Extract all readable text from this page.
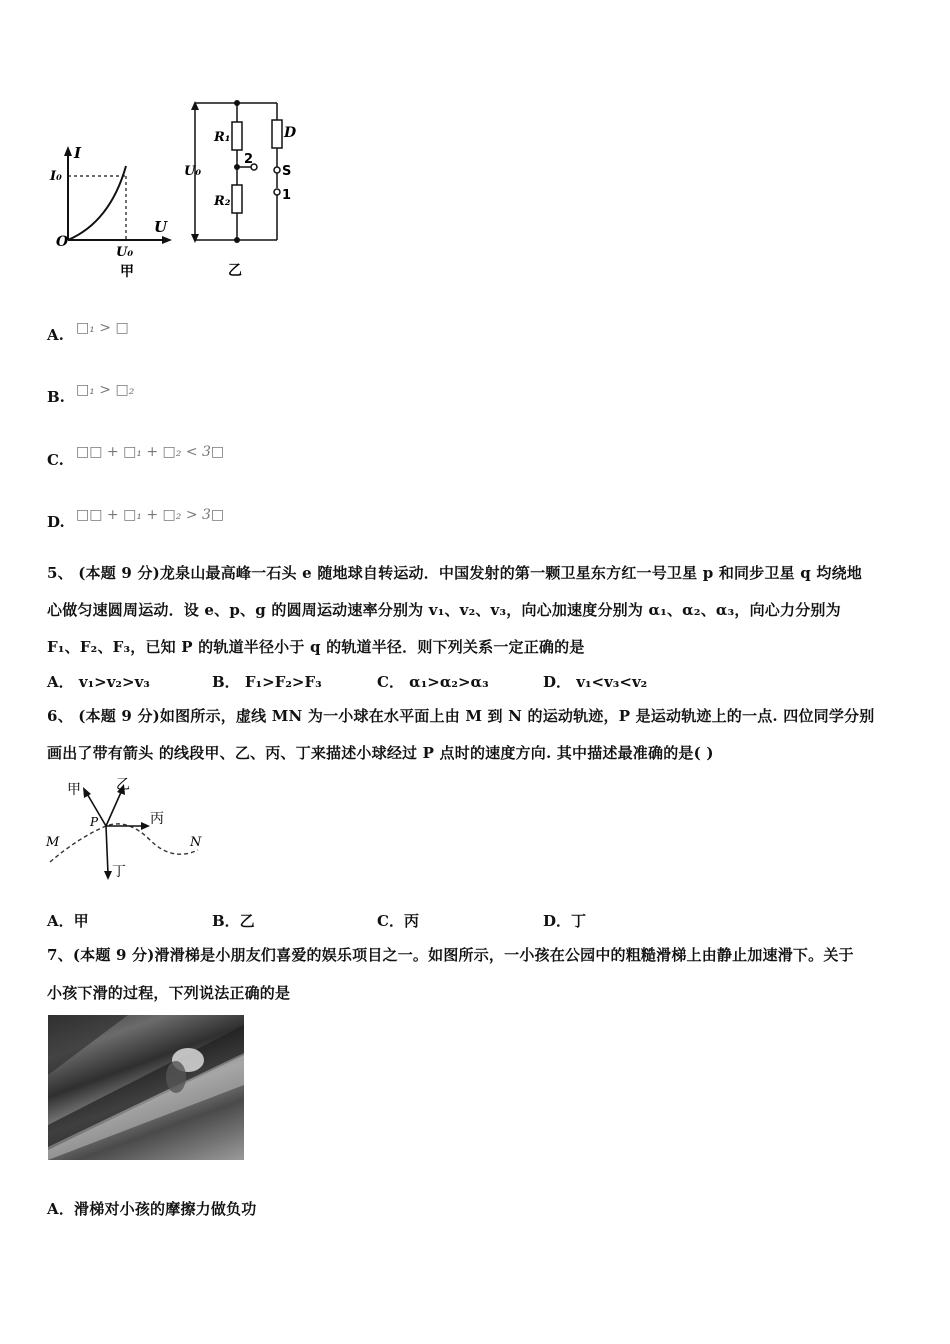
I
U
O
I₀
U₀
甲
U₀
R₁
R₂
2
D
S
1
乙
A. □₁ > □
B. □₁ > □₂
C. □□ + □₁ + □₂ < 3□
D. □□ + □₁ + □₂ > 3□
5、 (本题 9 分)龙泉山最高峰一石头 e 随地球自转运动．中国发射的第一颗卫星东方红一号卫星 p 和同步卫星 q 均绕地
心做匀速圆周运动．设 e、p、g 的圆周运动速率分别为 v₁、v₂、v₃，向心加速度分别为 α₁、α₂、α₃，向心力分别为
F₁、F₂、F₃，已知 P 的轨道半径小于 q 的轨道半径．则下列关系一定正确的是
A． v₁>v₂>v₃	B． F₁>F₂>F₃	C． α₁>α₂>α₃	D． v₁<v₃<v₂
6、 (本题 9 分)如图所示，虚线 MN 为一小球在水平面上由 M 到 N 的运动轨迹，P 是运动轨迹上的一点. 四位同学分别
画出了带有箭头 的线段甲、乙、丙、丁来描述小球经过 P 点时的速度方向. 其中描述最准确的是( )
甲	乙
丙
丁
P
M	N
A．甲	B．乙	C．丙	D．丁
7、(本题 9 分)滑滑梯是小朋友们喜爱的娱乐项目之一。如图所示，一小孩在公园中的粗糙滑梯上由静止加速滑下。关于
小孩下滑的过程，下列说法正确的是
A．滑梯对小孩的摩擦力做负功
